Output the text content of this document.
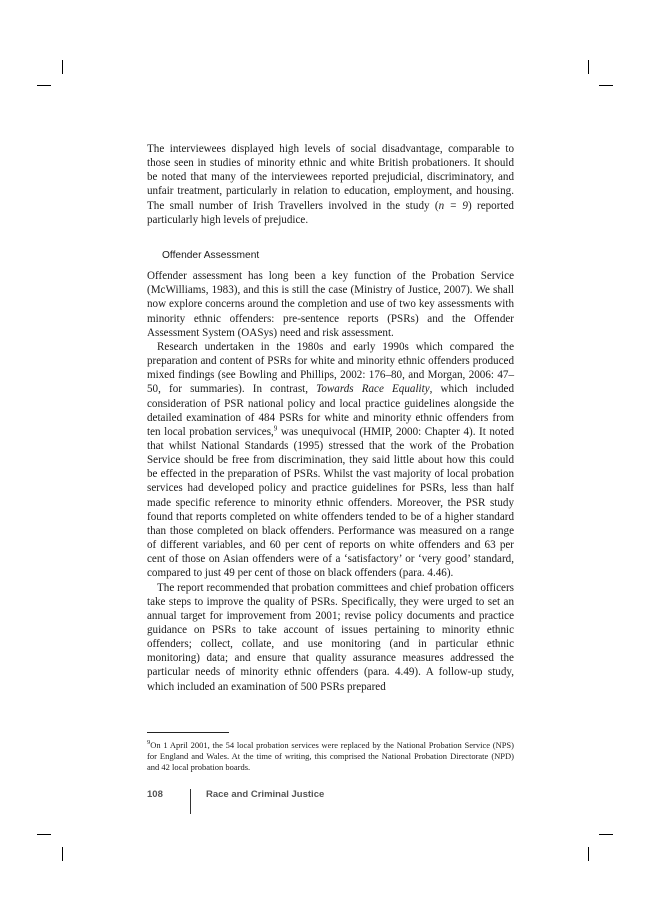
The interviewees displayed high levels of social disadvantage, comparable to those seen in studies of minority ethnic and white British probationers. It should be noted that many of the interviewees reported prejudicial, discriminatory, and unfair treatment, particularly in relation to education, employment, and housing. The small number of Irish Travellers involved in the study (n = 9) reported particularly high levels of prejudice.

Offender Assessment

Offender assessment has long been a key function of the Probation Service (McWilliams, 1983), and this is still the case (Ministry of Justice, 2007). We shall now explore concerns around the completion and use of two key assessments with minority ethnic offenders: pre-sentence reports (PSRs) and the Offender Assessment System (OASys) need and risk assessment.

Research undertaken in the 1980s and early 1990s which compared the preparation and content of PSRs for white and minority ethnic offenders produced mixed findings (see Bowling and Phillips, 2002: 176–80, and Morgan, 2006: 47–50, for summaries). In contrast, Towards Race Equality, which included consideration of PSR national policy and local practice guidelines alongside the detailed examination of 484 PSRs for white and minority ethnic offenders from ten local probation services,$^9$ was unequivocal (HMIP, 2000: Chapter 4). It noted that whilst National Standards (1995) stressed that the work of the Probation Service should be free from discrimination, they said little about how this could be effected in the preparation of PSRs. Whilst the vast majority of local probation services had developed policy and practice guidelines for PSRs, less than half made specific reference to minority ethnic offenders. Moreover, the PSR study found that reports completed on white offenders tended to be of a higher standard than those completed on black offenders. Performance was measured on a range of different variables, and 60 per cent of reports on white offenders and 63 per cent of those on Asian offenders were of a ‘satisfactory’ or ‘very good’ standard, compared to just 49 per cent of those on black offenders (para. 4.46).

The report recommended that probation committees and chief probation officers take steps to improve the quality of PSRs. Specifically, they were urged to set an annual target for improvement from 2001; revise policy documents and practice guidance on PSRs to take account of issues pertaining to minority ethnic offenders; collect, collate, and use monitoring (and in particular ethnic monitoring) data; and ensure that quality assurance measures addressed the particular needs of minority ethnic offenders (para. 4.49). A follow-up study, which included an examination of 500 PSRs prepared

$^9$On 1 April 2001, the 54 local probation services were replaced by the National Probation Service (NPS) for England and Wales. At the time of writing, this comprised the National Probation Directorate (NPD) and 42 local probation boards.
108	Race and Criminal Justice
